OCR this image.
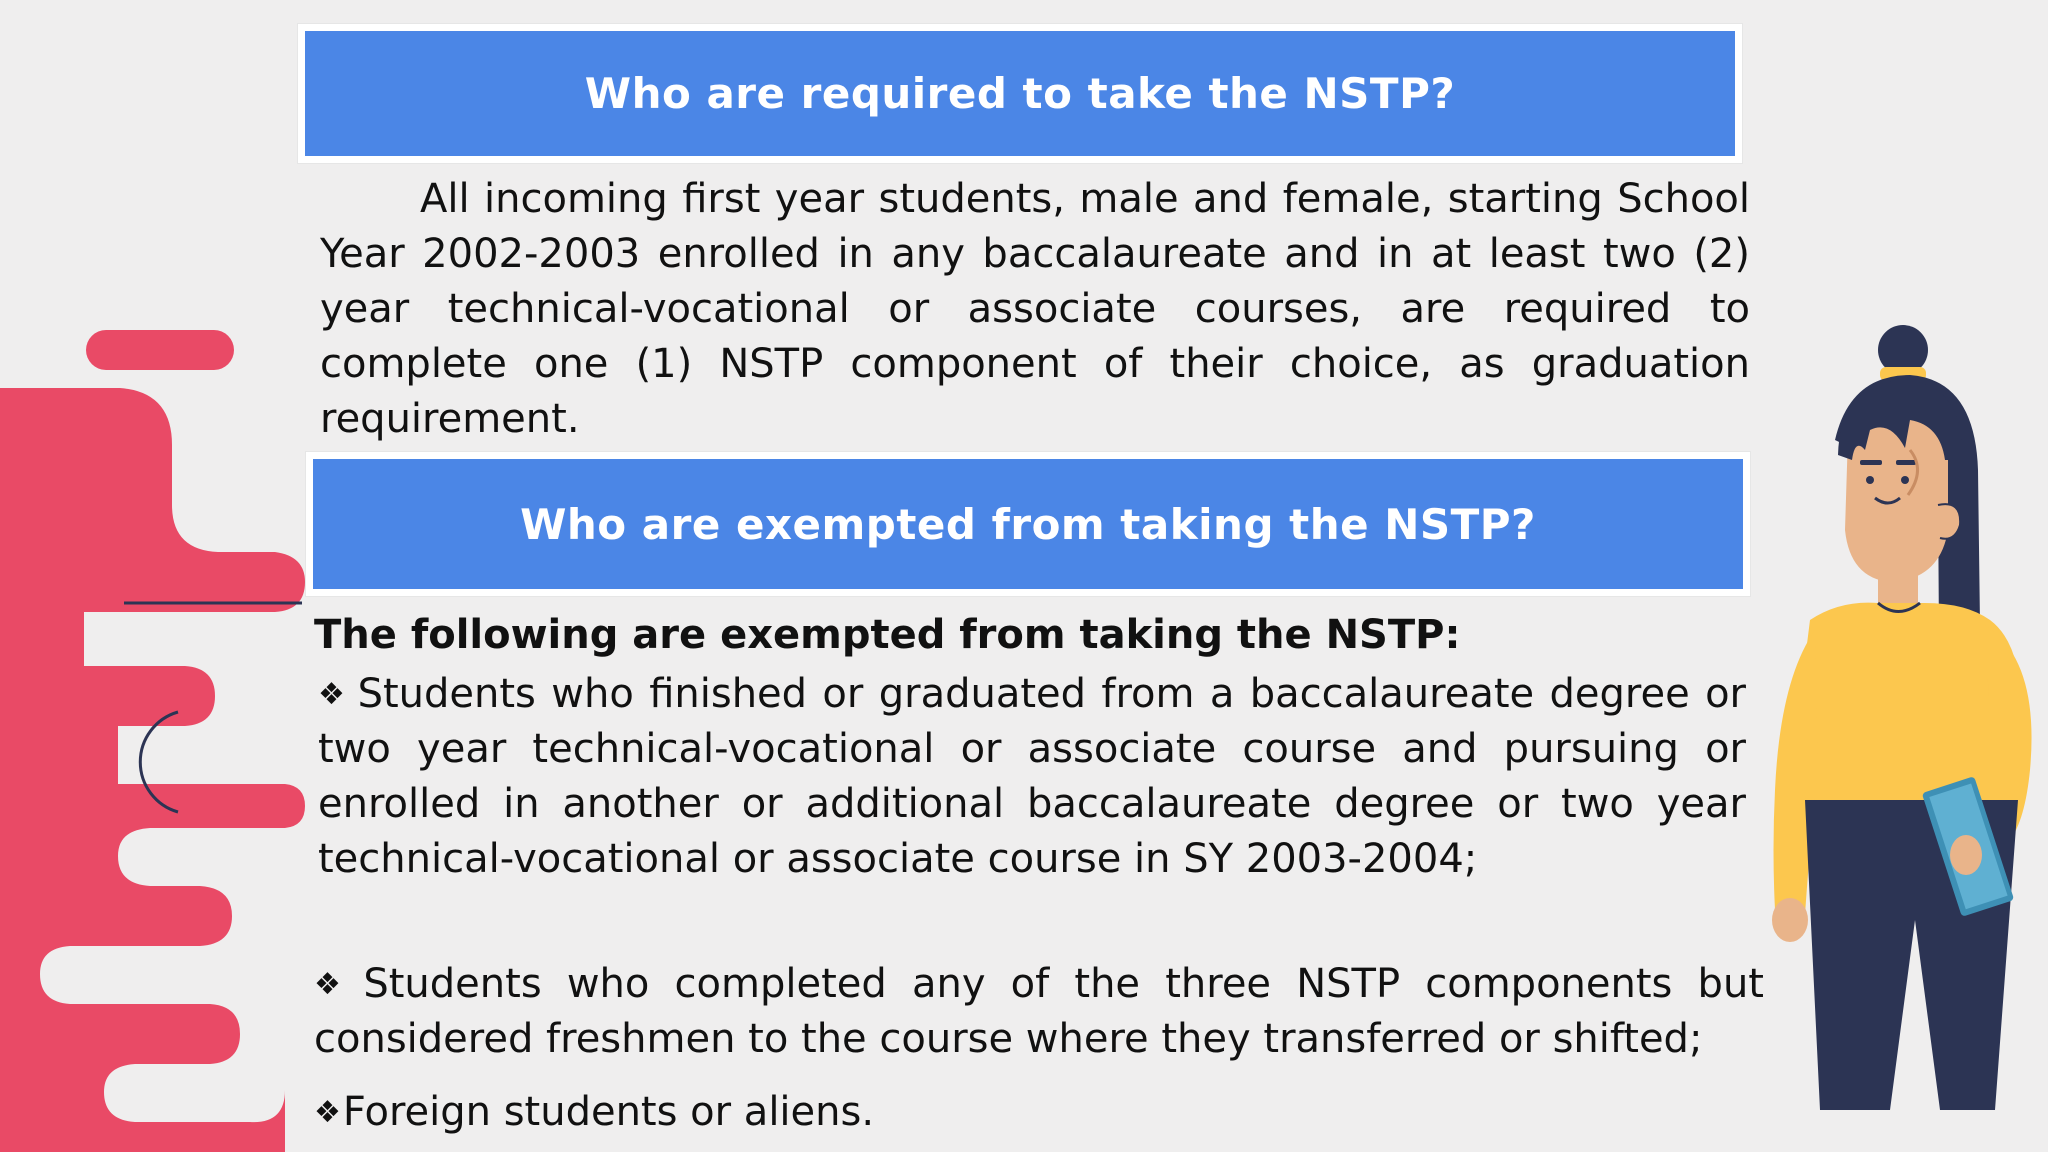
Who are required to take the NSTP?

All incoming first year students, male and female, starting School Year 2002-2003 enrolled in any baccalaureate and in at least two (2) year technical-vocational or associate courses, are required to complete one (1) NSTP component of their choice, as graduation requirement.

Who are exempted from taking the NSTP?

The following are exempted from taking the NSTP:

❖ Students who finished or graduated from a baccalaureate degree or two year technical-vocational or associate course and pursuing or enrolled in another or additional baccalaureate degree or two year technical-vocational or associate course in SY 2003-2004;

❖ Students who completed any of the three NSTP components but considered freshmen to the course where they transferred or shifted;

❖Foreign students or aliens.
